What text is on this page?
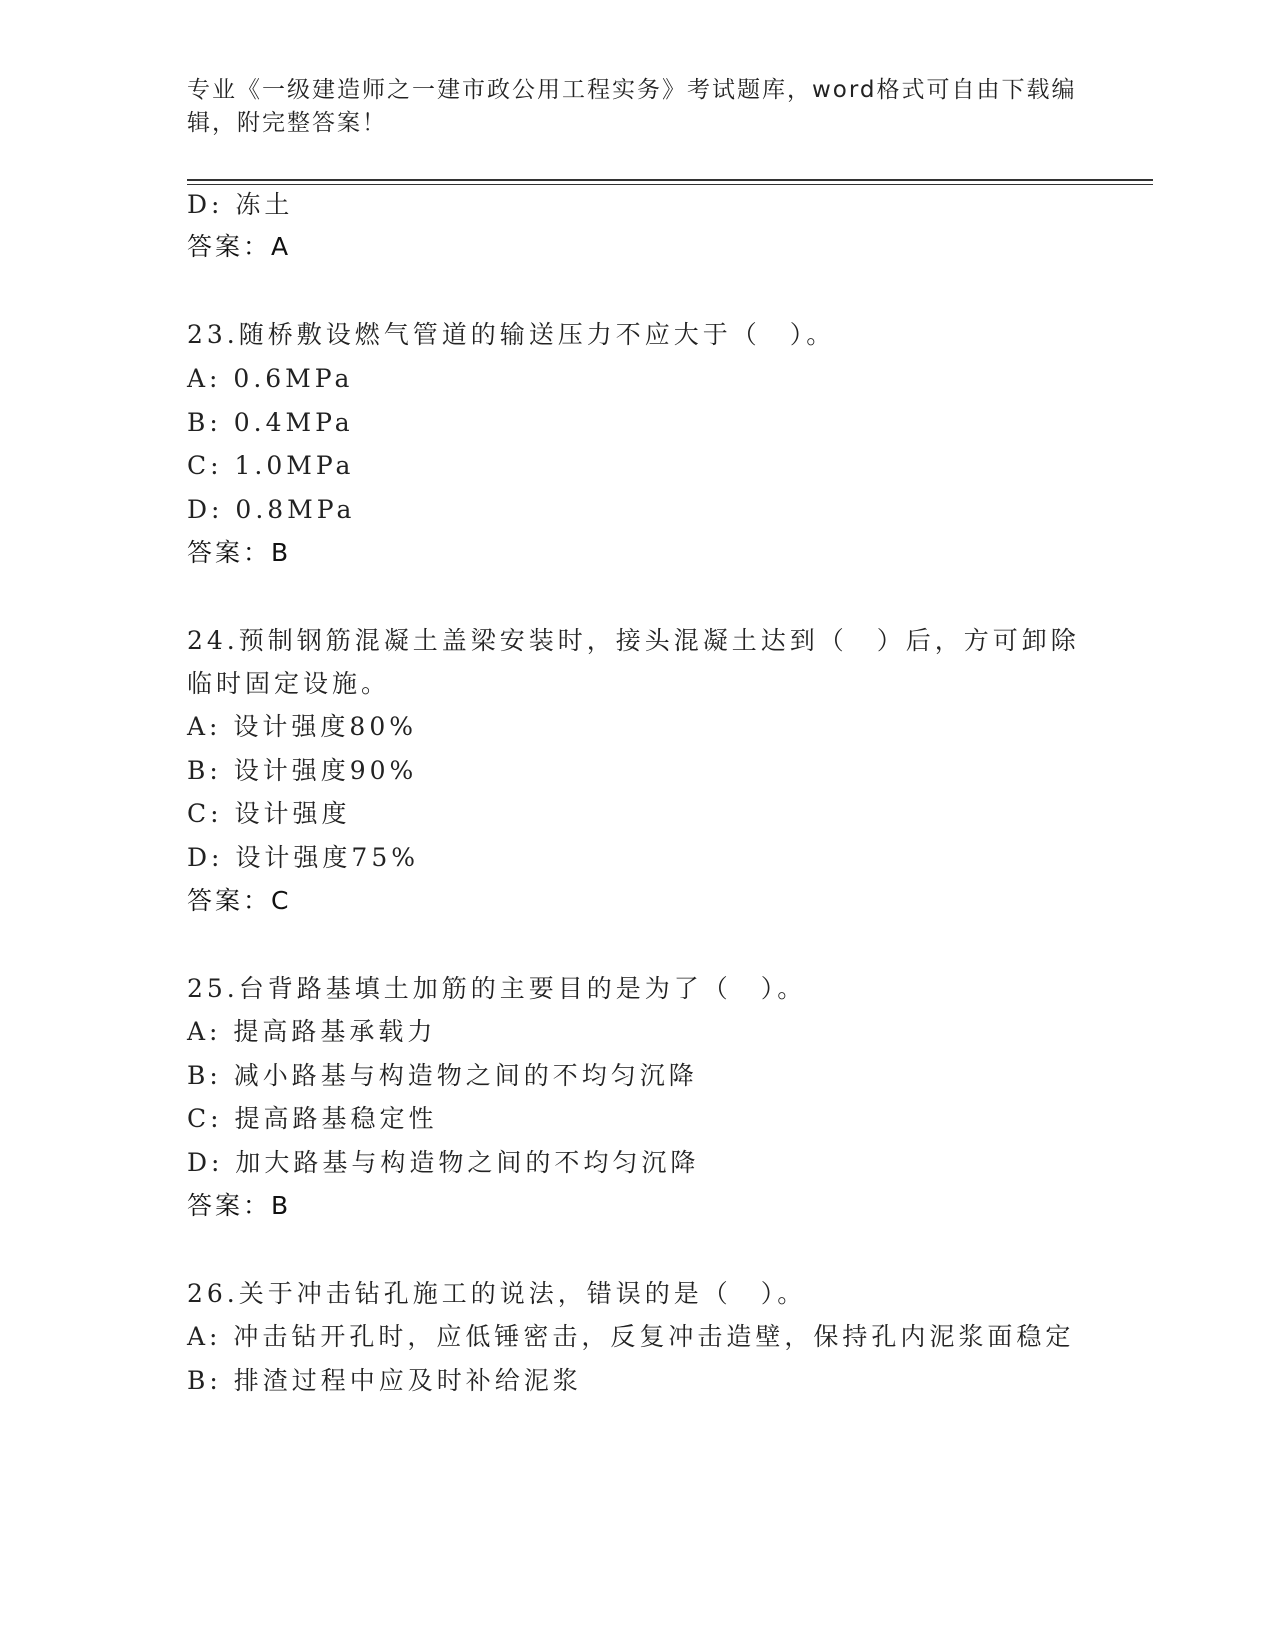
专业《一级建造师之一建市政公用工程实务》考试题库，word格式可自由下载编
辑，附完整答案！
D: 冻土
答案：A
23.随桥敷设燃气管道的输送压力不应大于（　）。
A: 0.6MPa
B: 0.4MPa
C: 1.0MPa
D: 0.8MPa
答案：B
24.预制钢筋混凝土盖梁安装时，接头混凝土达到（　）后，方可卸除
临时固定设施。
A: 设计强度80%
B: 设计强度90%
C: 设计强度
D: 设计强度75%
答案：C
25.台背路基填土加筋的主要目的是为了（　）。
A: 提高路基承载力
B: 减小路基与构造物之间的不均匀沉降
C: 提高路基稳定性
D: 加大路基与构造物之间的不均匀沉降
答案：B
26.关于冲击钻孔施工的说法，错误的是（　）。
A: 冲击钻开孔时，应低锤密击，反复冲击造壁，保持孔内泥浆面稳定
B: 排渣过程中应及时补给泥浆
